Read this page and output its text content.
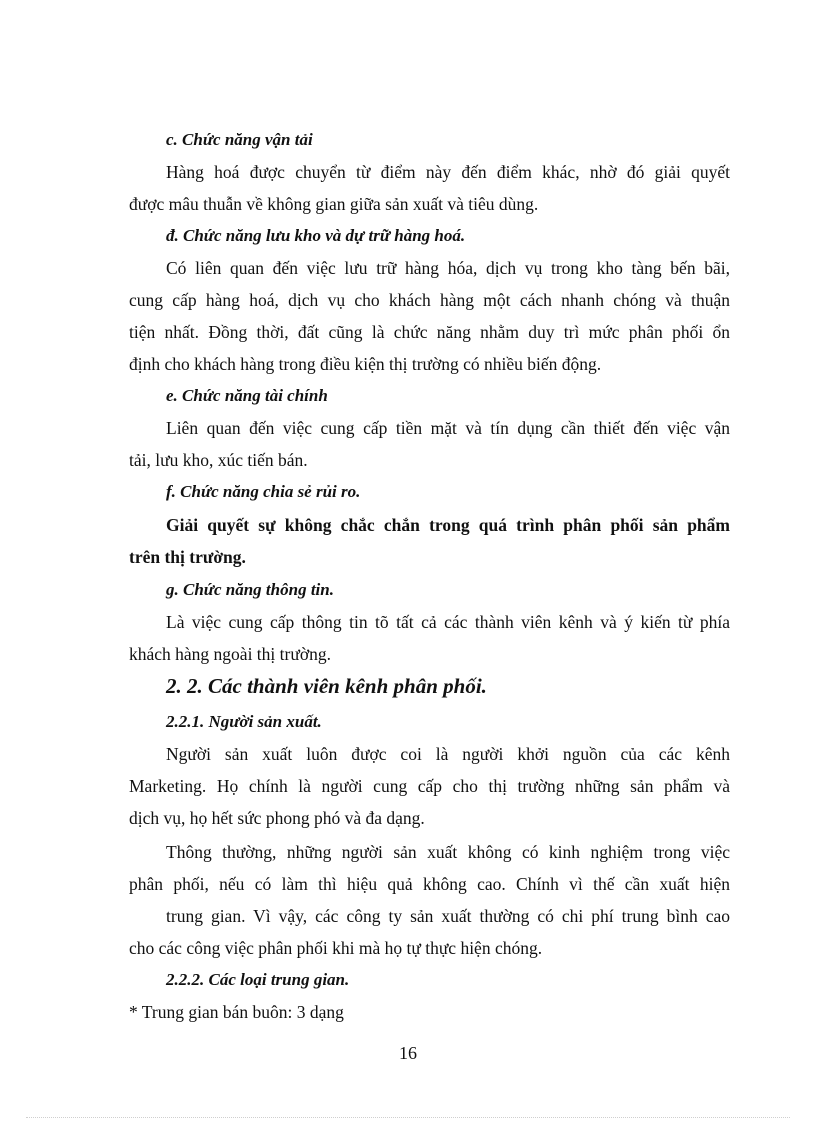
c. Chức năng vận tải

Hàng hoá được chuyển từ điểm này đến điểm khác, nhờ đó giải quyết

được mâu thuẫn về không gian giữa sản xuất và tiêu dùng.

đ. Chức năng lưu kho và dự trữ hàng hoá.

Có liên quan đến việc lưu trữ hàng hóa, dịch vụ trong kho tàng bến bãi,

cung cấp hàng hoá, dịch vụ cho khách hàng một cách nhanh chóng và thuận

tiện nhất. Đồng thời, đất cũng là chức năng nhằm duy trì mức phân phối ổn

định cho khách hàng trong điều kiện thị trường có nhiều biến động.

e. Chức năng tài chính

Liên quan đến việc cung cấp tiền mặt và tín dụng cần thiết đến việc vận

tải, lưu kho, xúc tiến bán.

f. Chức năng chia sẻ rủi ro.

Giải quyết sự không chắc chắn trong quá trình phân phối sản phẩm

trên thị trường.

g. Chức năng thông tin.

Là việc cung cấp thông tin tõ tất cả các thành viên kênh và ý kiến từ phía

khách hàng ngoài thị trường.

2. 2. Các thành viên kênh phân phối.

2.2.1. Người sản xuất.

Người sản xuất luôn được coi là người khởi nguồn của các kênh

Marketing. Họ chính là người cung cấp cho thị trường những sản phẩm và

dịch vụ, họ hết sức phong phó và đa dạng.

Thông thường, những người sản xuất không có kinh nghiệm trong việc

phân phối, nếu có làm thì hiệu quả không cao. Chính vì thế cần xuất hiện

trung gian. Vì vậy, các công ty sản xuất thường có chi phí trung bình cao

cho các công việc phân phối khi mà họ tự thực hiện chóng.

2.2.2. Các loại trung gian.

* Trung gian bán buôn: 3 dạng

16
